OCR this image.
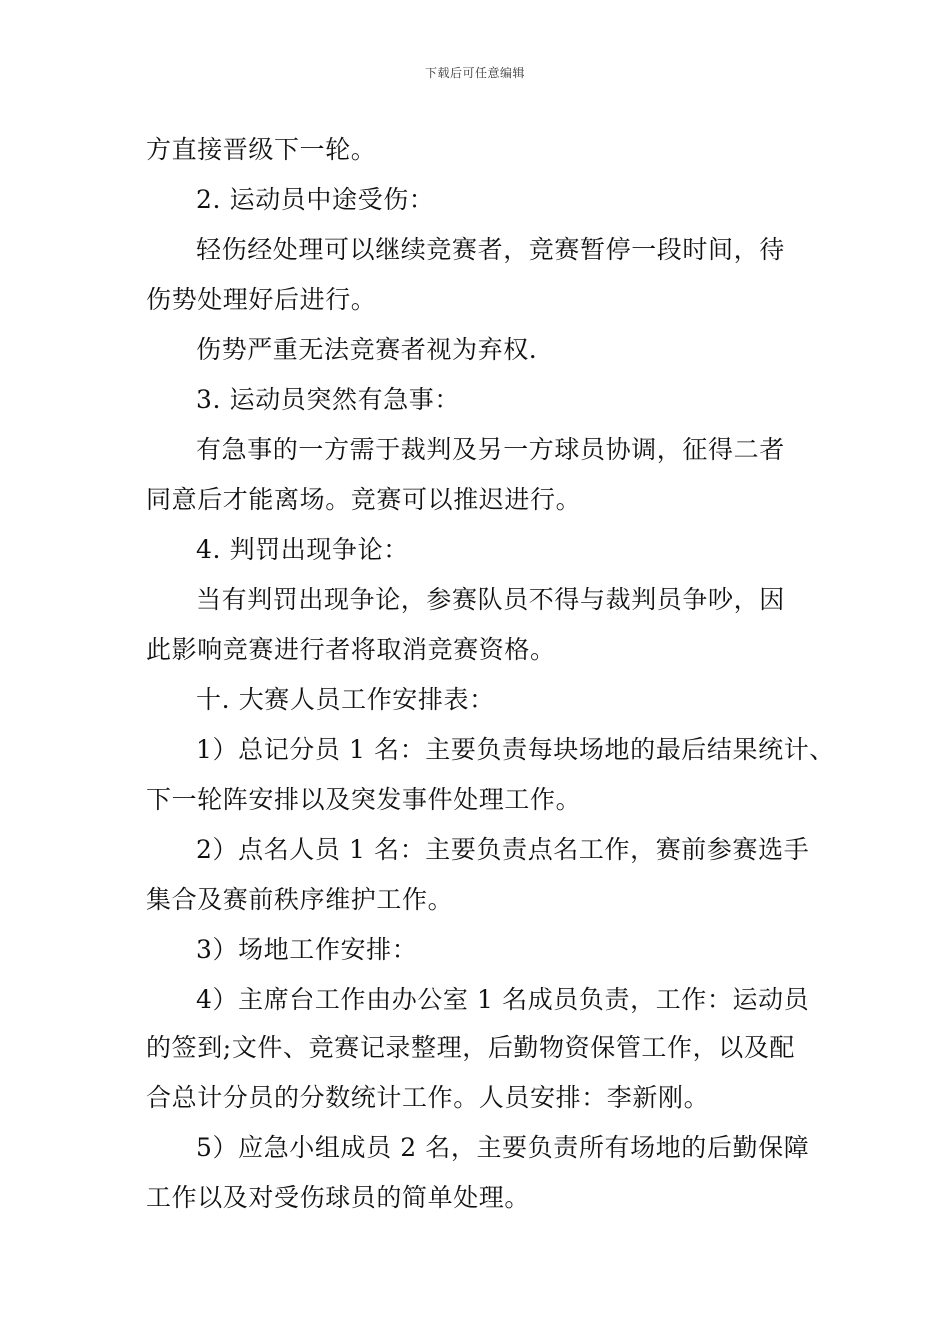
下载后可任意编辑
方直接晋级下一轮。
2. 运动员中途受伤：
轻伤经处理可以继续竞赛者，竞赛暂停一段时间，待
伤势处理好后进行。
伤势严重无法竞赛者视为弃权.
3. 运动员突然有急事：
有急事的一方需于裁判及另一方球员协调，征得二者
同意后才能离场。竞赛可以推迟进行。
4. 判罚出现争论：
当有判罚出现争论，参赛队员不得与裁判员争吵，因
此影响竞赛进行者将取消竞赛资格。
十. 大赛人员工作安排表：
1）总记分员 1 名：主要负责每块场地的最后结果统计、
下一轮阵安排以及突发事件处理工作。
2）点名人员 1 名：主要负责点名工作，赛前参赛选手
集合及赛前秩序维护工作。
3）场地工作安排：
4）主席台工作由办公室 1 名成员负责，工作：运动员
的签到;文件、竞赛记录整理，后勤物资保管工作，以及配
合总计分员的分数统计工作。人员安排：李新刚。
5）应急小组成员 2 名，主要负责所有场地的后勤保障
工作以及对受伤球员的简单处理。
